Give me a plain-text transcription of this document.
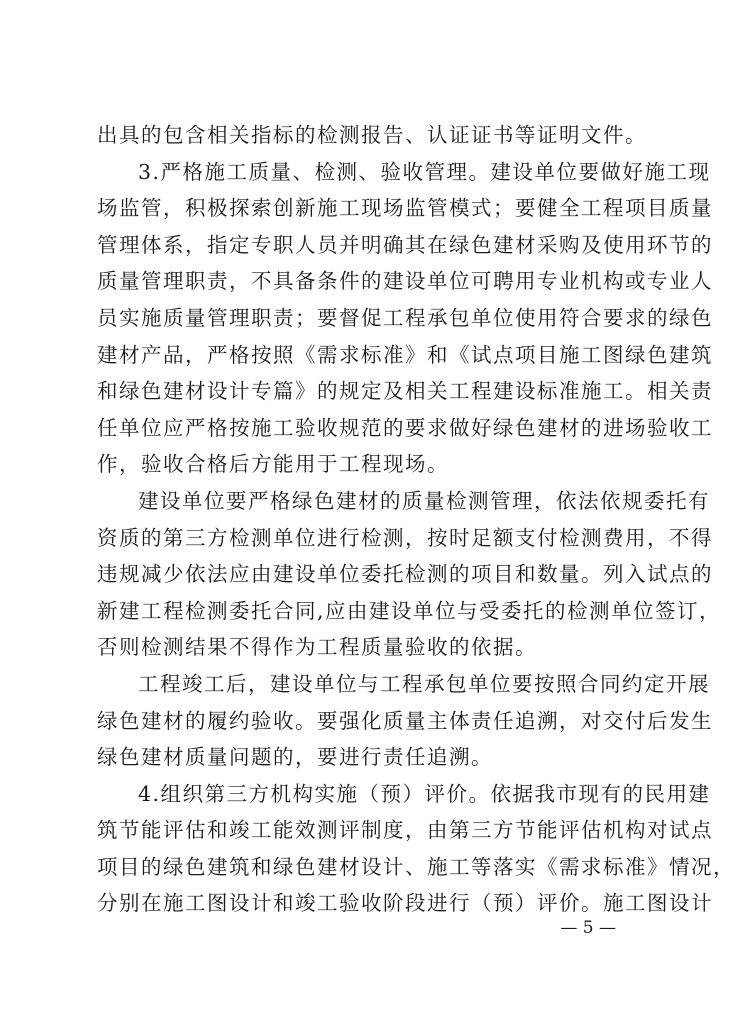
出具的包含相关指标的检测报告、认证证书等证明文件。
3.严格施工质量、检测、验收管理。建设单位要做好施工现
场监管，积极探索创新施工现场监管模式；要健全工程项目质量
管理体系，指定专职人员并明确其在绿色建材采购及使用环节的
质量管理职责，不具备条件的建设单位可聘用专业机构或专业人
员实施质量管理职责；要督促工程承包单位使用符合要求的绿色
建材产品，严格按照《需求标准》和《试点项目施工图绿色建筑
和绿色建材设计专篇》的规定及相关工程建设标准施工。相关责
任单位应严格按施工验收规范的要求做好绿色建材的进场验收工
作，验收合格后方能用于工程现场。
建设单位要严格绿色建材的质量检测管理，依法依规委托有
资质的第三方检测单位进行检测，按时足额支付检测费用，不得
违规减少依法应由建设单位委托检测的项目和数量。列入试点的
新建工程检测委托合同,应由建设单位与受委托的检测单位签订，
否则检测结果不得作为工程质量验收的依据。
工程竣工后，建设单位与工程承包单位要按照合同约定开展
绿色建材的履约验收。要强化质量主体责任追溯，对交付后发生
绿色建材质量问题的，要进行责任追溯。
4.组织第三方机构实施（预）评价。依据我市现有的民用建
筑节能评估和竣工能效测评制度，由第三方节能评估机构对试点
项目的绿色建筑和绿色建材设计、施工等落实《需求标准》情况，
分别在施工图设计和竣工验收阶段进行（预）评价。施工图设计
— 5 —
